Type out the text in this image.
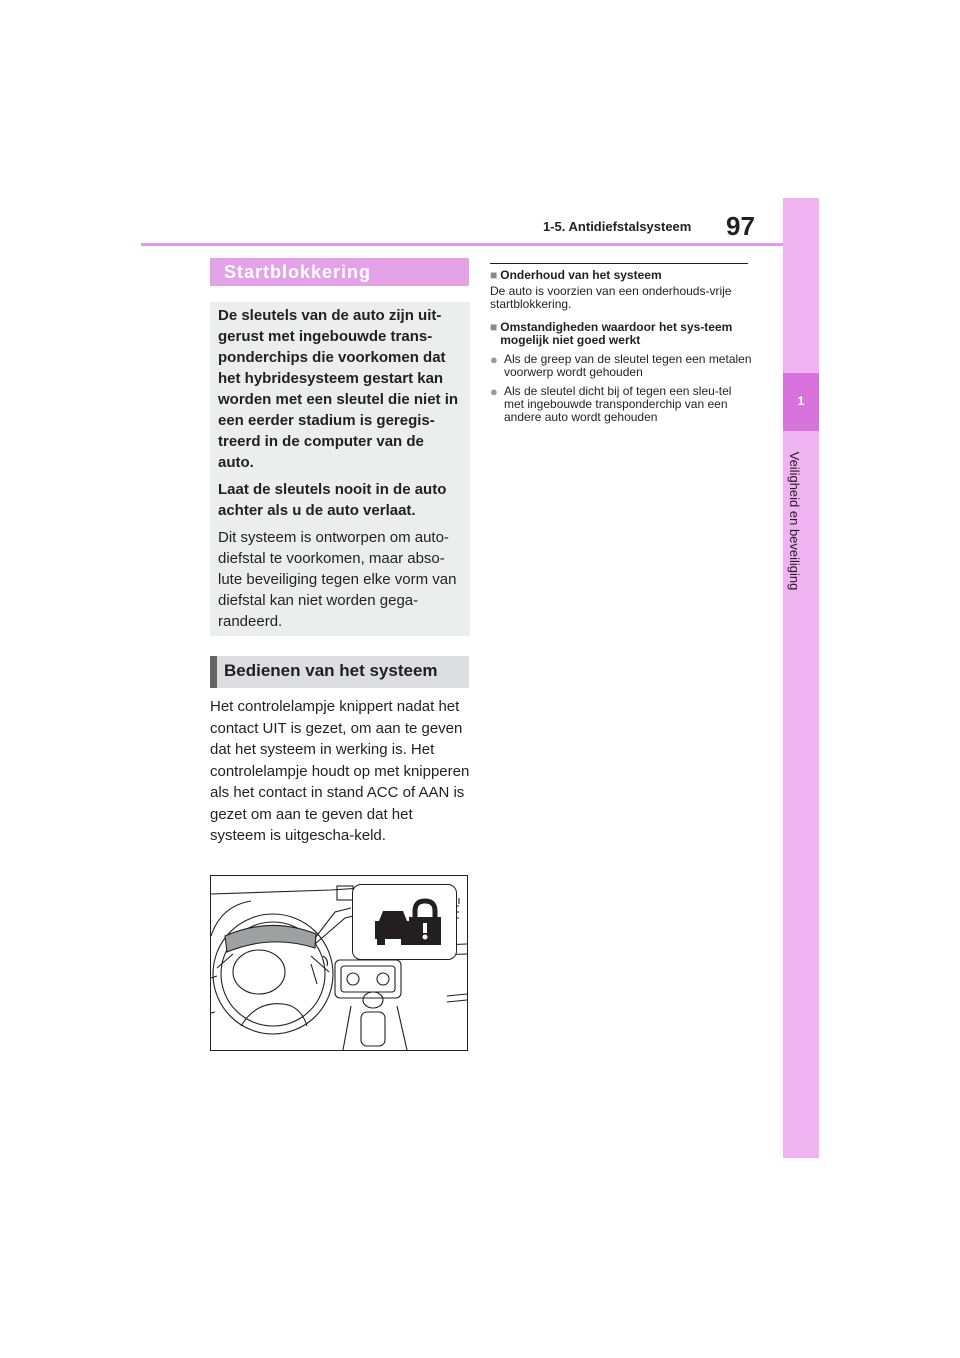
1-5. Antidiefstalsysteem 97
1
Veiligheid en beveiliging
Startblokkering

De sleutels van de auto zijn uit-gerust met ingebouwde trans-ponderchips die voorkomen dat het hybridesysteem gestart kan worden met een sleutel die niet in een eerder stadium is geregis-treerd in de computer van de auto.

Laat de sleutels nooit in de auto achter als u de auto verlaat.

Dit systeem is ontworpen om auto-diefstal te voorkomen, maar abso-lute beveiliging tegen elke vorm van diefstal kan niet worden gega-randeerd.

Bedienen van het systeem

Het controlelampje knippert nadat het contact UIT is gezet, om aan te geven dat het systeem in werking is. Het controlelampje houdt op met knipperen als het contact in stand ACC of AAN is gezet om aan te geven dat het systeem is uitgescha-keld.

■ Onderhoud van het systeem
De auto is voorzien van een onderhouds-vrije startblokkering.
■ Omstandigheden waardoor het sys-teem mogelijk niet goed werkt
● Als de greep van de sleutel tegen een metalen voorwerp wordt gehouden
● Als de sleutel dicht bij of tegen een sleu-tel met ingebouwde transponderchip van een andere auto wordt gehouden
